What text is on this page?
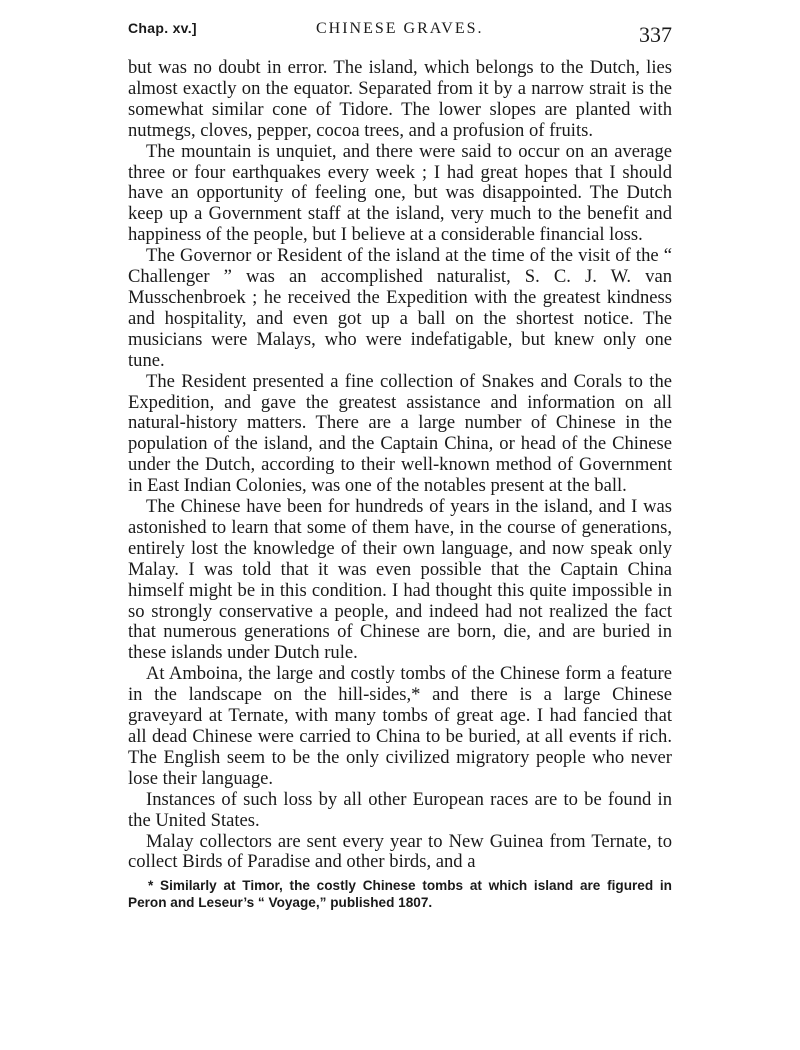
Chap. xv.]	CHINESE GRAVES.	337

but was no doubt in error. The island, which belongs to the Dutch, lies almost exactly on the equator. Separated from it by a narrow strait is the somewhat similar cone of Tidore. The lower slopes are planted with nutmegs, cloves, pepper, cocoa trees, and a profusion of fruits.

The mountain is unquiet, and there were said to occur on an average three or four earthquakes every week ; I had great hopes that I should have an opportunity of feeling one, but was disappointed. The Dutch keep up a Government staff at the island, very much to the benefit and happiness of the people, but I believe at a considerable financial loss.

The Governor or Resident of the island at the time of the visit of the “ Challenger ” was an accomplished naturalist, S. C. J. W. van Musschenbroek ; he received the Expedition with the greatest kindness and hospitality, and even got up a ball on the shortest notice. The musicians were Malays, who were indefatigable, but knew only one tune.

The Resident presented a fine collection of Snakes and Corals to the Expedition, and gave the greatest assistance and information on all natural-history matters. There are a large number of Chinese in the population of the island, and the Captain China, or head of the Chinese under the Dutch, according to their well-known method of Government in East Indian Colonies, was one of the notables present at the ball.

The Chinese have been for hundreds of years in the island, and I was astonished to learn that some of them have, in the course of generations, entirely lost the knowledge of their own language, and now speak only Malay. I was told that it was even possible that the Captain China himself might be in this condition. I had thought this quite impossible in so strongly conservative a people, and indeed had not realized the fact that numerous generations of Chinese are born, die, and are buried in these islands under Dutch rule.

At Amboina, the large and costly tombs of the Chinese form a feature in the landscape on the hill-sides,* and there is a large Chinese graveyard at Ternate, with many tombs of great age. I had fancied that all dead Chinese were carried to China to be buried, at all events if rich. The English seem to be the only civilized migratory people who never lose their language.

Instances of such loss by all other European races are to be found in the United States.

Malay collectors are sent every year to New Guinea from Ternate, to collect Birds of Paradise and other birds, and a

* Similarly at Timor, the costly Chinese tombs at which island are figured in Peron and Leseur’s “ Voyage,” published 1807.
